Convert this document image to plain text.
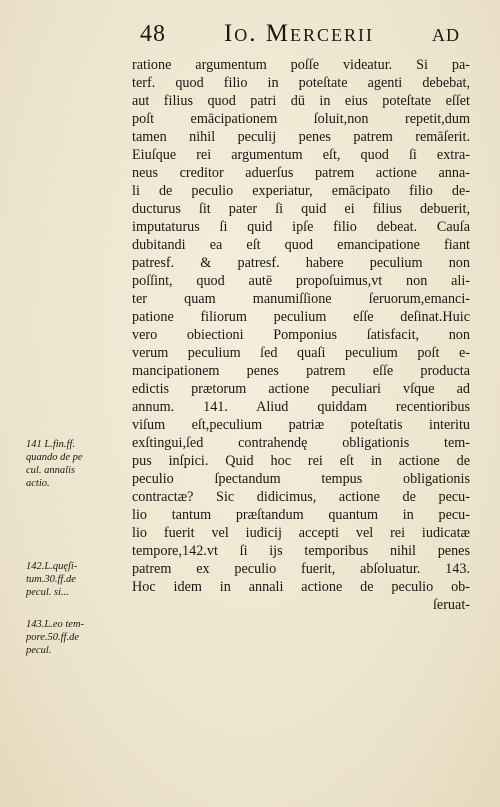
48	Io. Mercerii	ad
ratione argumentum poſſe videatur. Si pa-
terf. quod filio in poteſtate agenti debebat,
aut filius quod patri dū in eius poteſtate eſſet
poſt emācipationem ſoluit,non repetit,dum
tamen nihil peculij penes patrem remāſerit.
Eiuſque rei argumentum eſt, quod ſi extra-
neus creditor aduerſus patrem actione anna-
li de peculio experiatur, emācipato filio de-
ducturus ſit pater ſi quid ei filius debuerit,
imputaturus ſi quid ipſe filio debeat. Cauſa
dubitandi ea eſt quod emancipatione fiant
patresf. & patresf. habere peculium non
poſſint, quod autē propoſuimus,vt non ali-
ter quam manumiſſione ſeruorum,emanci-
patione filiorum peculium eſſe deſinat.Huic
vero obiectioni Pomponius ſatisfacit, non
verum peculium ſed quaſi peculium poſt e-
mancipationem penes patrem eſſe producta
edictis prætorum actione peculiari vſque ad
annum. 141. Aliud quiddam recentioribus
viſum eſt,peculium patriæ poteſtatis interitu
exſtingui,ſed contrahendę obligationis tem-
pus inſpici. Quid hoc rei eſt in actione de
peculio ſpectandum tempus obligationis
contractæ? Sic didicimus, actione de pecu-
lio tantum præſtandum quantum in pecu-
lio fuerit vel iudicij accepti vel rei iudicatæ
tempore,142.vt ſi ijs temporibus nihil penes
patrem ex peculio fuerit, abſoluatur. 143.
Hoc idem in annali actione de peculio ob-
ſeruat-
141 L.fin.ff.
quando de pe
cul. annalis
actio.
142.L.quęſi-
tum.30.ff.de
pecul. si...
143.L.eo tem-
pore.50.ff.de
pecul.
